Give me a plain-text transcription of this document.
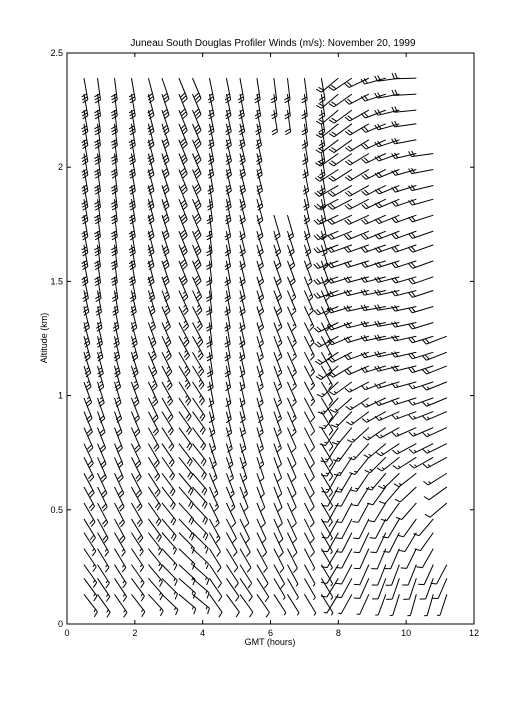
Juneau South Douglas Profiler Winds (m/s): November 20, 1999
0	2	4	6	8	10	12
0
0.5
1
1.5
2
2.5
GMT (hours)
Altitude (km)
